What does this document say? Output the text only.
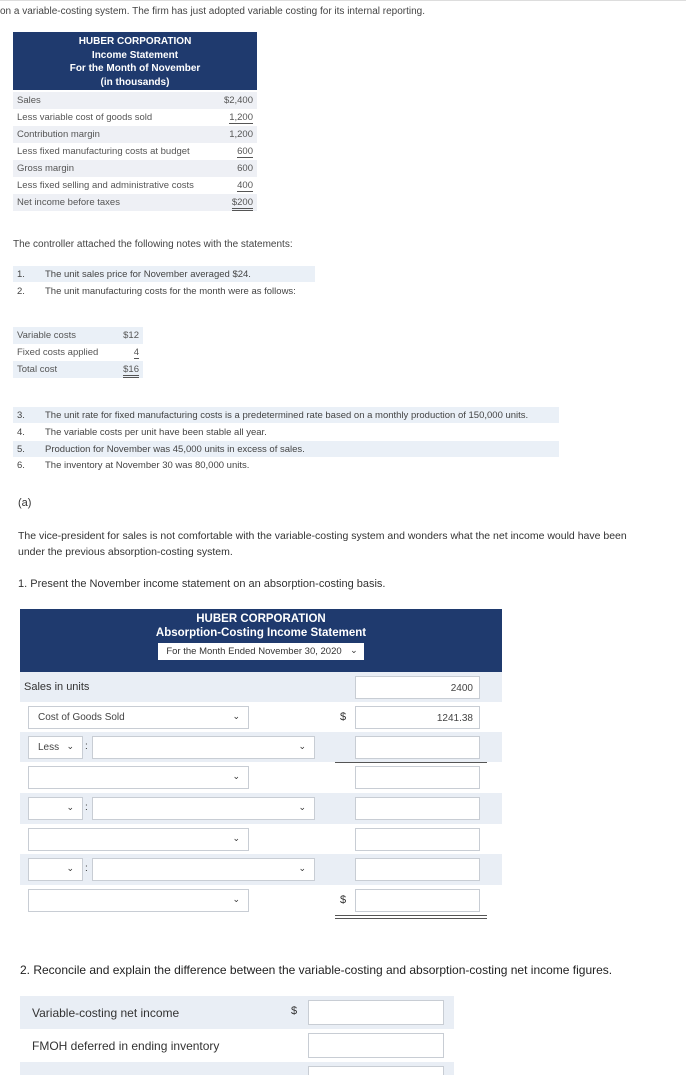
on a variable-costing system. The firm has just adopted variable costing for its internal reporting.
HUBER CORPORATION
Income Statement
For the Month of November
(in thousands)
Sales	$2,400
Less variable cost of goods sold	1,200
Contribution margin	1,200
Less fixed manufacturing costs at budget	600
Gross margin	600
Less fixed selling and administrative costs	400
Net income before taxes	$200
The controller attached the following notes with the statements:
1. The unit sales price for November averaged $24.
2. The unit manufacturing costs for the month were as follows:
Variable costs	$12
Fixed costs applied	4
Total cost	$16
3. The unit rate for fixed manufacturing costs is a predetermined rate based on a monthly production of 150,000 units.
4. The variable costs per unit have been stable all year.
5. Production for November was 45,000 units in excess of sales.
6. The inventory at November 30 was 80,000 units.
(a)
The vice-president for sales is not comfortable with the variable-costing system and wonders what the net income would have been
under the previous absorption-costing system.
1. Present the November income statement on an absorption-costing basis.
HUBER CORPORATION
Absorption-Costing Income Statement
For the Month Ended November 30, 2020 ⌄
Sales in units	2400
Cost of Goods Sold	⌄	$	1241.38
Less ⌄ :	⌄
⌄
⌄ :	⌄
⌄
⌄ :	⌄
⌄	$
2. Reconcile and explain the difference between the variable-costing and absorption-costing net income figures.
Variable-costing net income	$
FMOH deferred in ending inventory
